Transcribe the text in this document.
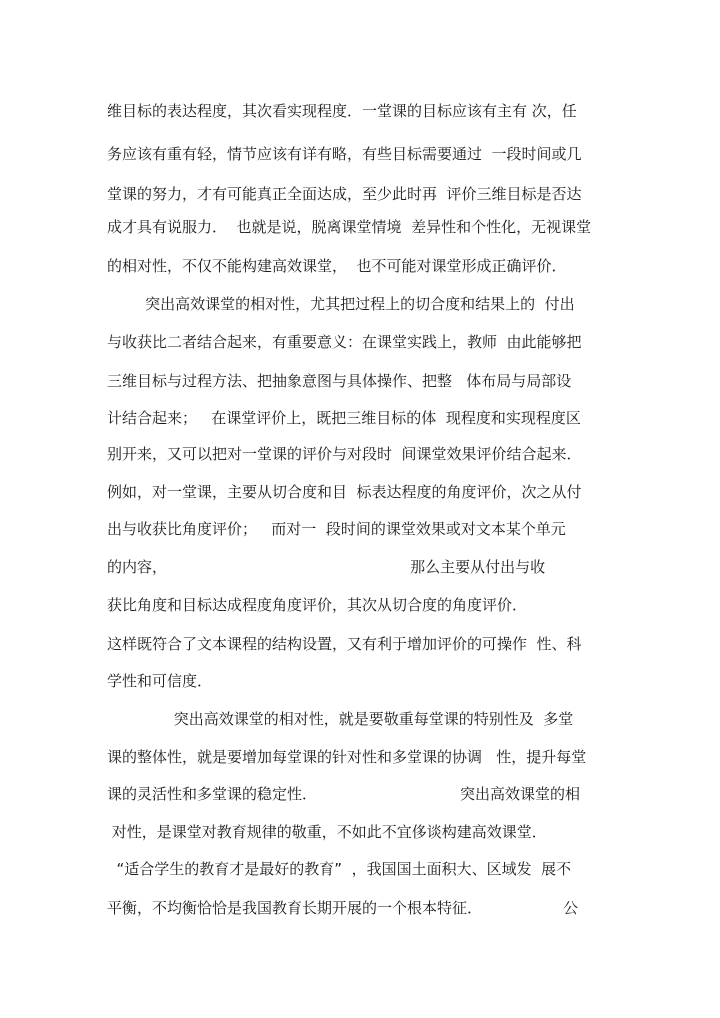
维目标的表达程度，其次看实现程度．一堂课的目标应该有主有 次，任
务应该有重有轻，情节应该有详有略，有些目标需要通过  一段时间或几
堂课的努力，才有可能真正全面达成，至少此时再  评价三维目标是否达
成才具有说服力．  也就是说，脱离课堂情境  差异性和个性化，无视课堂
的相对性，不仅不能构建高效课堂，  也不可能对课堂形成正确评价．
突出高效课堂的相对性，尤其把过程上的切合度和结果上的  付出
与收获比二者结合起来，有重要意义：在课堂实践上，教师  由此能够把
三维目标与过程方法、把抽象意图与具体操作、把整   体布局与局部设
计结合起来；   在课堂评价上，既把三维目标的体  现程度和实现程度区
别开来，又可以把对一堂课的评价与对段时  间课堂效果评价结合起来．
例如，对一堂课，主要从切合度和目  标表达程度的角度评价，次之从付
出与收获比角度评价；   而对一  段时间的课堂效果或对文本某个单元
的内容，                                                   那么主要从付出与收
获比角度和目标达成程度角度评价，其次从切合度的角度评价．
这样既符合了文本课程的结构设置，又有利于增加评价的可操作  性、科
学性和可信度．
突出高效课堂的相对性，就是要敬重每堂课的特别性及  多堂
课的整体性，就是要增加每堂课的针对性和多堂课的协调   性，提升每堂
课的灵活性和多堂课的稳定性．                              突出高效课堂的相
对性，是课堂对教育规律的敬重，不如此不宜侈谈构建高效课堂．
“适合学生的教育才是最好的教育”  ，我国国土面积大、区域发  展不
平衡，不均衡恰恰是我国教育长期开展的一个根本特征．                 公
